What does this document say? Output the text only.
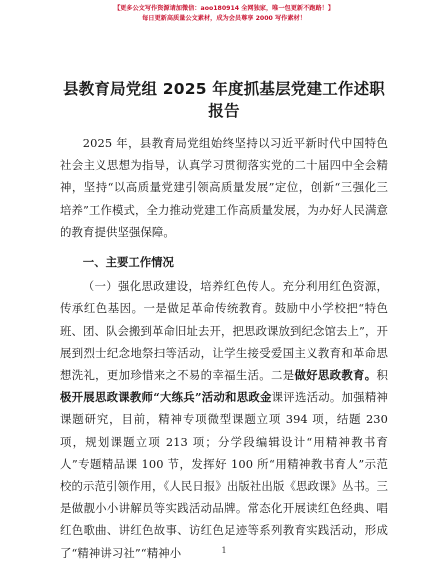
【更多公文写作资源请加微信：aoo180914 全网独家，唯一包更新不跑路！】
每日更新高质量公文素材，成为会员尊享 2000 写作素材！
县教育局党组 2025 年度抓基层党建工作述职报告

2025 年，县教育局党组始终坚持以习近平新时代中国特色社会主义思想为指导，认真学习贯彻落实党的二十届四中全会精神，坚持“以高质量党建引领高质量发展”定位，创新“三强化三培养”工作模式，全力推动党建工作高质量发展，为办好人民满意的教育提供坚强保障。

一、主要工作情况

（一）强化思政建设，培养红色传人。充分利用红色资源，传承红色基因。一是做足革命传统教育。鼓励中小学校把“特色班、团、队会搬到革命旧址去开，把思政课放到纪念馆去上”，开展到烈士纪念地祭扫等活动，让学生接受爱国主义教育和革命思想洗礼，更加珍惜来之不易的幸福生活。二是做好思政教育。积极开展思政课教师“大练兵”活动和思政金课评选活动。加强精神课题研究，目前，精神专项微型课题立项 394 项，结题 230 项，规划课题立项 213 项；分学段编辑设计“用精神教书育人”专题精品课 100 节，发挥好 100 所“用精神教书育人”示范校的示范引领作用，《人民日报》出版社出版《思政课》丛书。三是做靓小小讲解员等实践活动品牌。常态化开展读红色经典、唱红色歌曲、讲红色故事、访红色足迹等系列教育实践活动，形成了“精神讲习社”“精神小	1
